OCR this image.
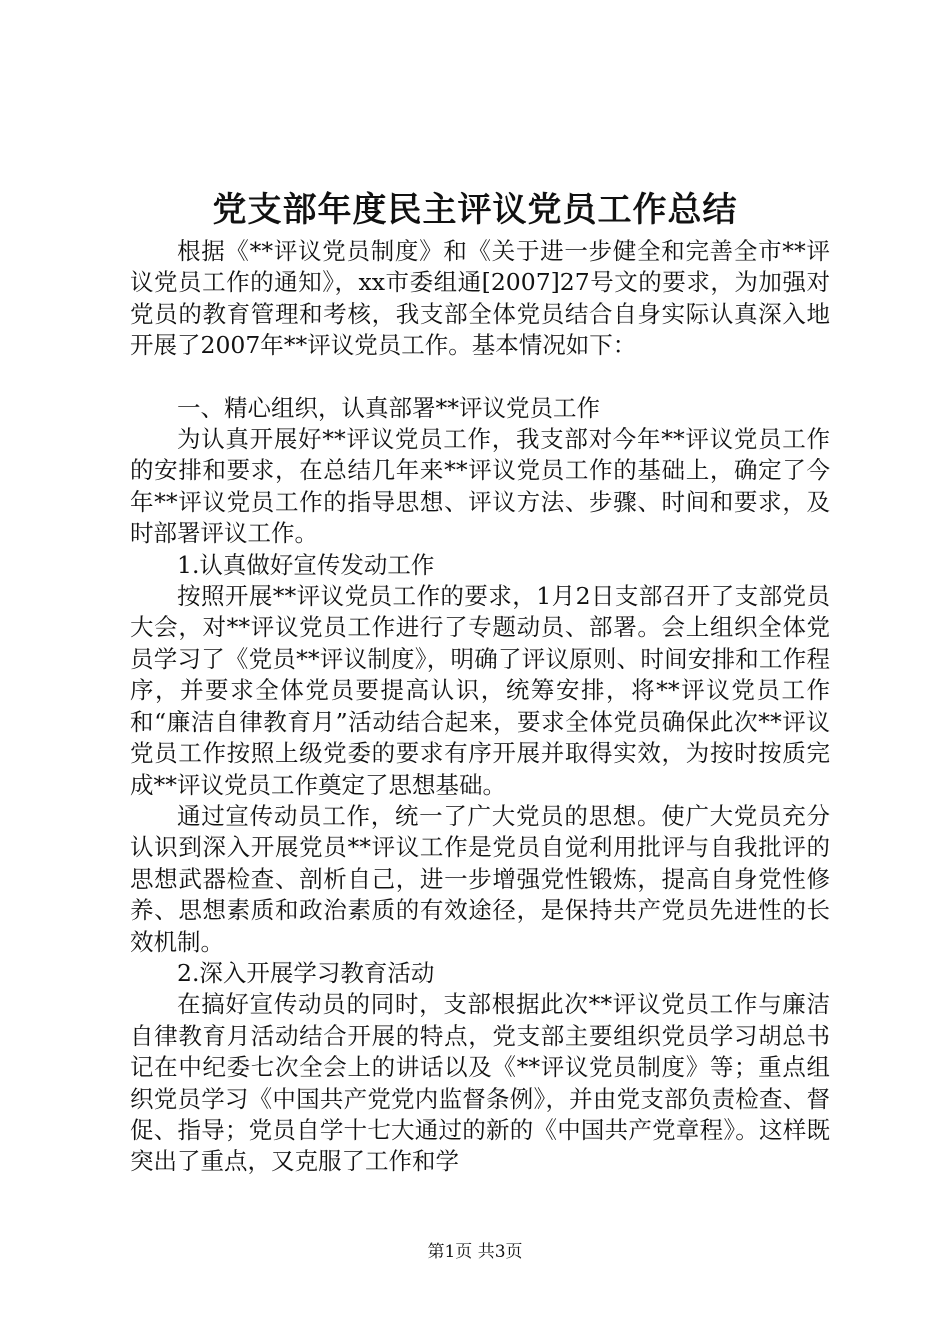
党支部年度民主评议党员工作总结

根据《**评议党员制度》和《关于进一步健全和完善全市**评议党员工作的通知》，xx市委组通[2007]27号文的要求，为加强对党员的教育管理和考核，我支部全体党员结合自身实际认真深入地开展了2007年**评议党员工作。基本情况如下：

一、精心组织，认真部署**评议党员工作

为认真开展好**评议党员工作，我支部对今年**评议党员工作的安排和要求，在总结几年来**评议党员工作的基础上，确定了今年**评议党员工作的指导思想、评议方法、步骤、时间和要求，及时部署评议工作。

1.认真做好宣传发动工作

按照开展**评议党员工作的要求，1月2日支部召开了支部党员大会，对**评议党员工作进行了专题动员、部署。会上组织全体党员学习了《党员**评议制度》，明确了评议原则、时间安排和工作程序，并要求全体党员要提高认识，统筹安排，将**评议党员工作和“廉洁自律教育月”活动结合起来，要求全体党员确保此次**评议党员工作按照上级党委的要求有序开展并取得实效，为按时按质完成**评议党员工作奠定了思想基础。

通过宣传动员工作，统一了广大党员的思想。使广大党员充分认识到深入开展党员**评议工作是党员自觉利用批评与自我批评的思想武器检查、剖析自己，进一步增强党性锻炼，提高自身党性修养、思想素质和政治素质的有效途径，是保持共产党员先进性的长效机制。

2.深入开展学习教育活动

在搞好宣传动员的同时，支部根据此次**评议党员工作与廉洁自律教育月活动结合开展的特点，党支部主要组织党员学习胡总书记在中纪委七次全会上的讲话以及《**评议党员制度》等；重点组织党员学习《中国共产党党内监督条例》，并由党支部负责检查、督促、指导；党员自学十七大通过的新的《中国共产党章程》。这样既突出了重点，又克服了工作和学

第1页 共3页
